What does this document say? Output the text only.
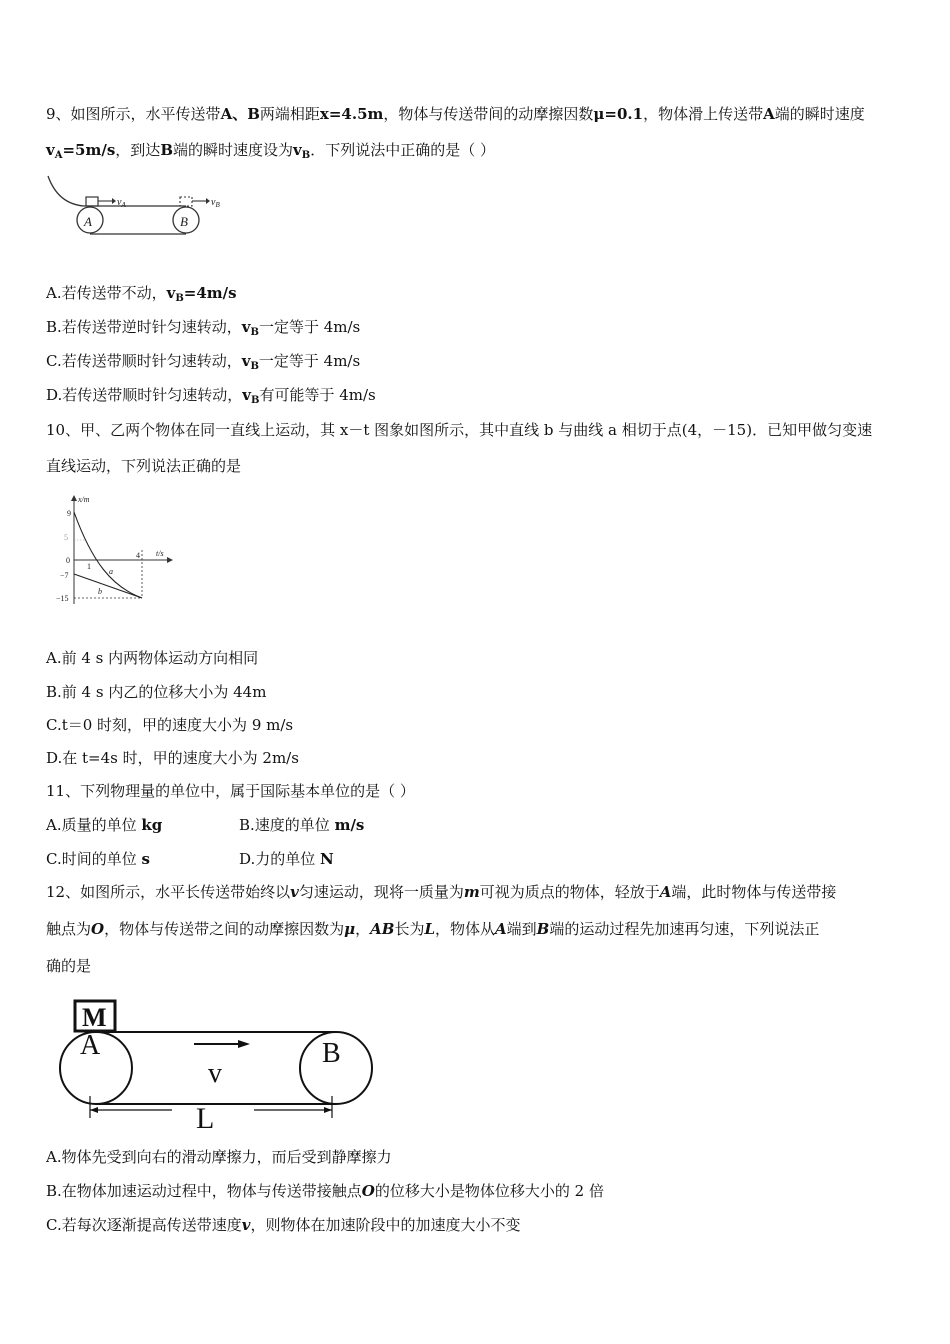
9、如图所示，水平传送带A、B两端相距x=4.5m，物体与传送带间的动摩擦因数μ=0.1，物体滑上传送带A端的瞬时速度
$v_A=5m/s$，到达B端的瞬时速度设为$v_B$．下列说法中正确的是（ ）
A	B
$v_A$	$v_B$
A.若传送带不动，$v_B=4m/s$
B.若传送带逆时针匀速转动，$v_B$一定等于 4m/s
C.若传送带顺时针匀速转动，$v_B$一定等于 4m/s
D.若传送带顺时针匀速转动，$v_B$有可能等于 4m/s
10、甲、乙两个物体在同一直线上运动，其 x－t 图象如图所示，其中直线 b 与曲线 a 相切于点(4，－15)．已知甲做匀变速
直线运动，下列说法正确的是
x/m
t/s
9
5
0
−7
−15
1
4
a
b
A.前 4 s 内两物体运动方向相同
B.前 4 s 内乙的位移大小为 44m
C.t＝0 时刻，甲的速度大小为 9 m/s
D.在 t=4s 时，甲的速度大小为 2m/s
11、下列物理量的单位中，属于国际基本单位的是（ ）
A.质量的单位 kg	B.速度的单位 m/s
C.时间的单位 s	D.力的单位 N
12、如图所示，水平长传送带始终以v匀速运动，现将一质量为m可视为质点的物体，轻放于A端，此时物体与传送带接
触点为O，物体与传送带之间的动摩擦因数为μ，AB长为L，物体从A端到B端的运动过程先加速再匀速，下列说法正
确的是
M
A	B
v
L
A.物体先受到向右的滑动摩擦力，而后受到静摩擦力
B.在物体加速运动过程中，物体与传送带接触点O的位移大小是物体位移大小的 2 倍
C.若每次逐渐提高传送带速度v，则物体在加速阶段中的加速度大小不变
